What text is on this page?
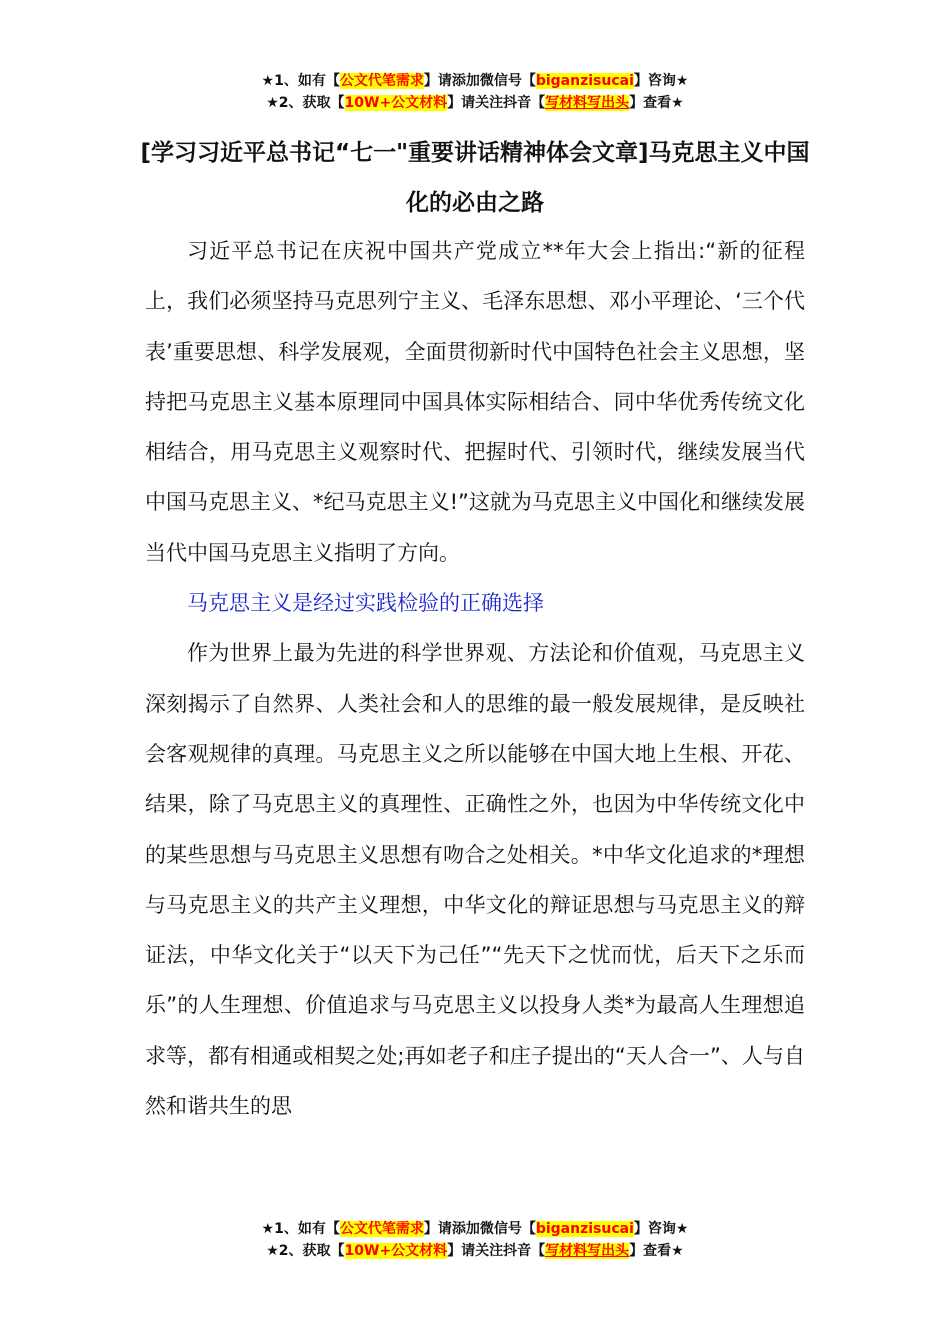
★1、如有【公文代笔需求】请添加微信号【biganzisucai】咨询★
★2、获取【10W+公文材料】请关注抖音【写材料写出头】查看★
[学习习近平总书记“七一"重要讲话精神体会文章]马克思主义中国化的必由之路

习近平总书记在庆祝中国共产党成立**年大会上指出:“新的征程上，我们必须坚持马克思列宁主义、毛泽东思想、邓小平理论、‘三个代表’重要思想、科学发展观，全面贯彻新时代中国特色社会主义思想，坚持把马克思主义基本原理同中国具体实际相结合、同中华优秀传统文化相结合，用马克思主义观察时代、把握时代、引领时代，继续发展当代中国马克思主义、*纪马克思主义!”这就为马克思主义中国化和继续发展当代中国马克思主义指明了方向。

马克思主义是经过实践检验的正确选择

作为世界上最为先进的科学世界观、方法论和价值观，马克思主义深刻揭示了自然界、人类社会和人的思维的最一般发展规律，是反映社会客观规律的真理。马克思主义之所以能够在中国大地上生根、开花、结果，除了马克思主义的真理性、正确性之外，也因为中华传统文化中的某些思想与马克思主义思想有吻合之处相关。*中华文化追求的*理想与马克思主义的共产主义理想，中华文化的辩证思想与马克思主义的辩证法，中华文化关于“以天下为己任”“先天下之忧而忧，后天下之乐而乐”的人生理想、价值追求与马克思主义以投身人类*为最高人生理想追求等，都有相通或相契之处;再如老子和庄子提出的“天人合一”、人与自然和谐共生的思

★1、如有【公文代笔需求】请添加微信号【biganzisucai】咨询★
★2、获取【10W+公文材料】请关注抖音【写材料写出头】查看★
